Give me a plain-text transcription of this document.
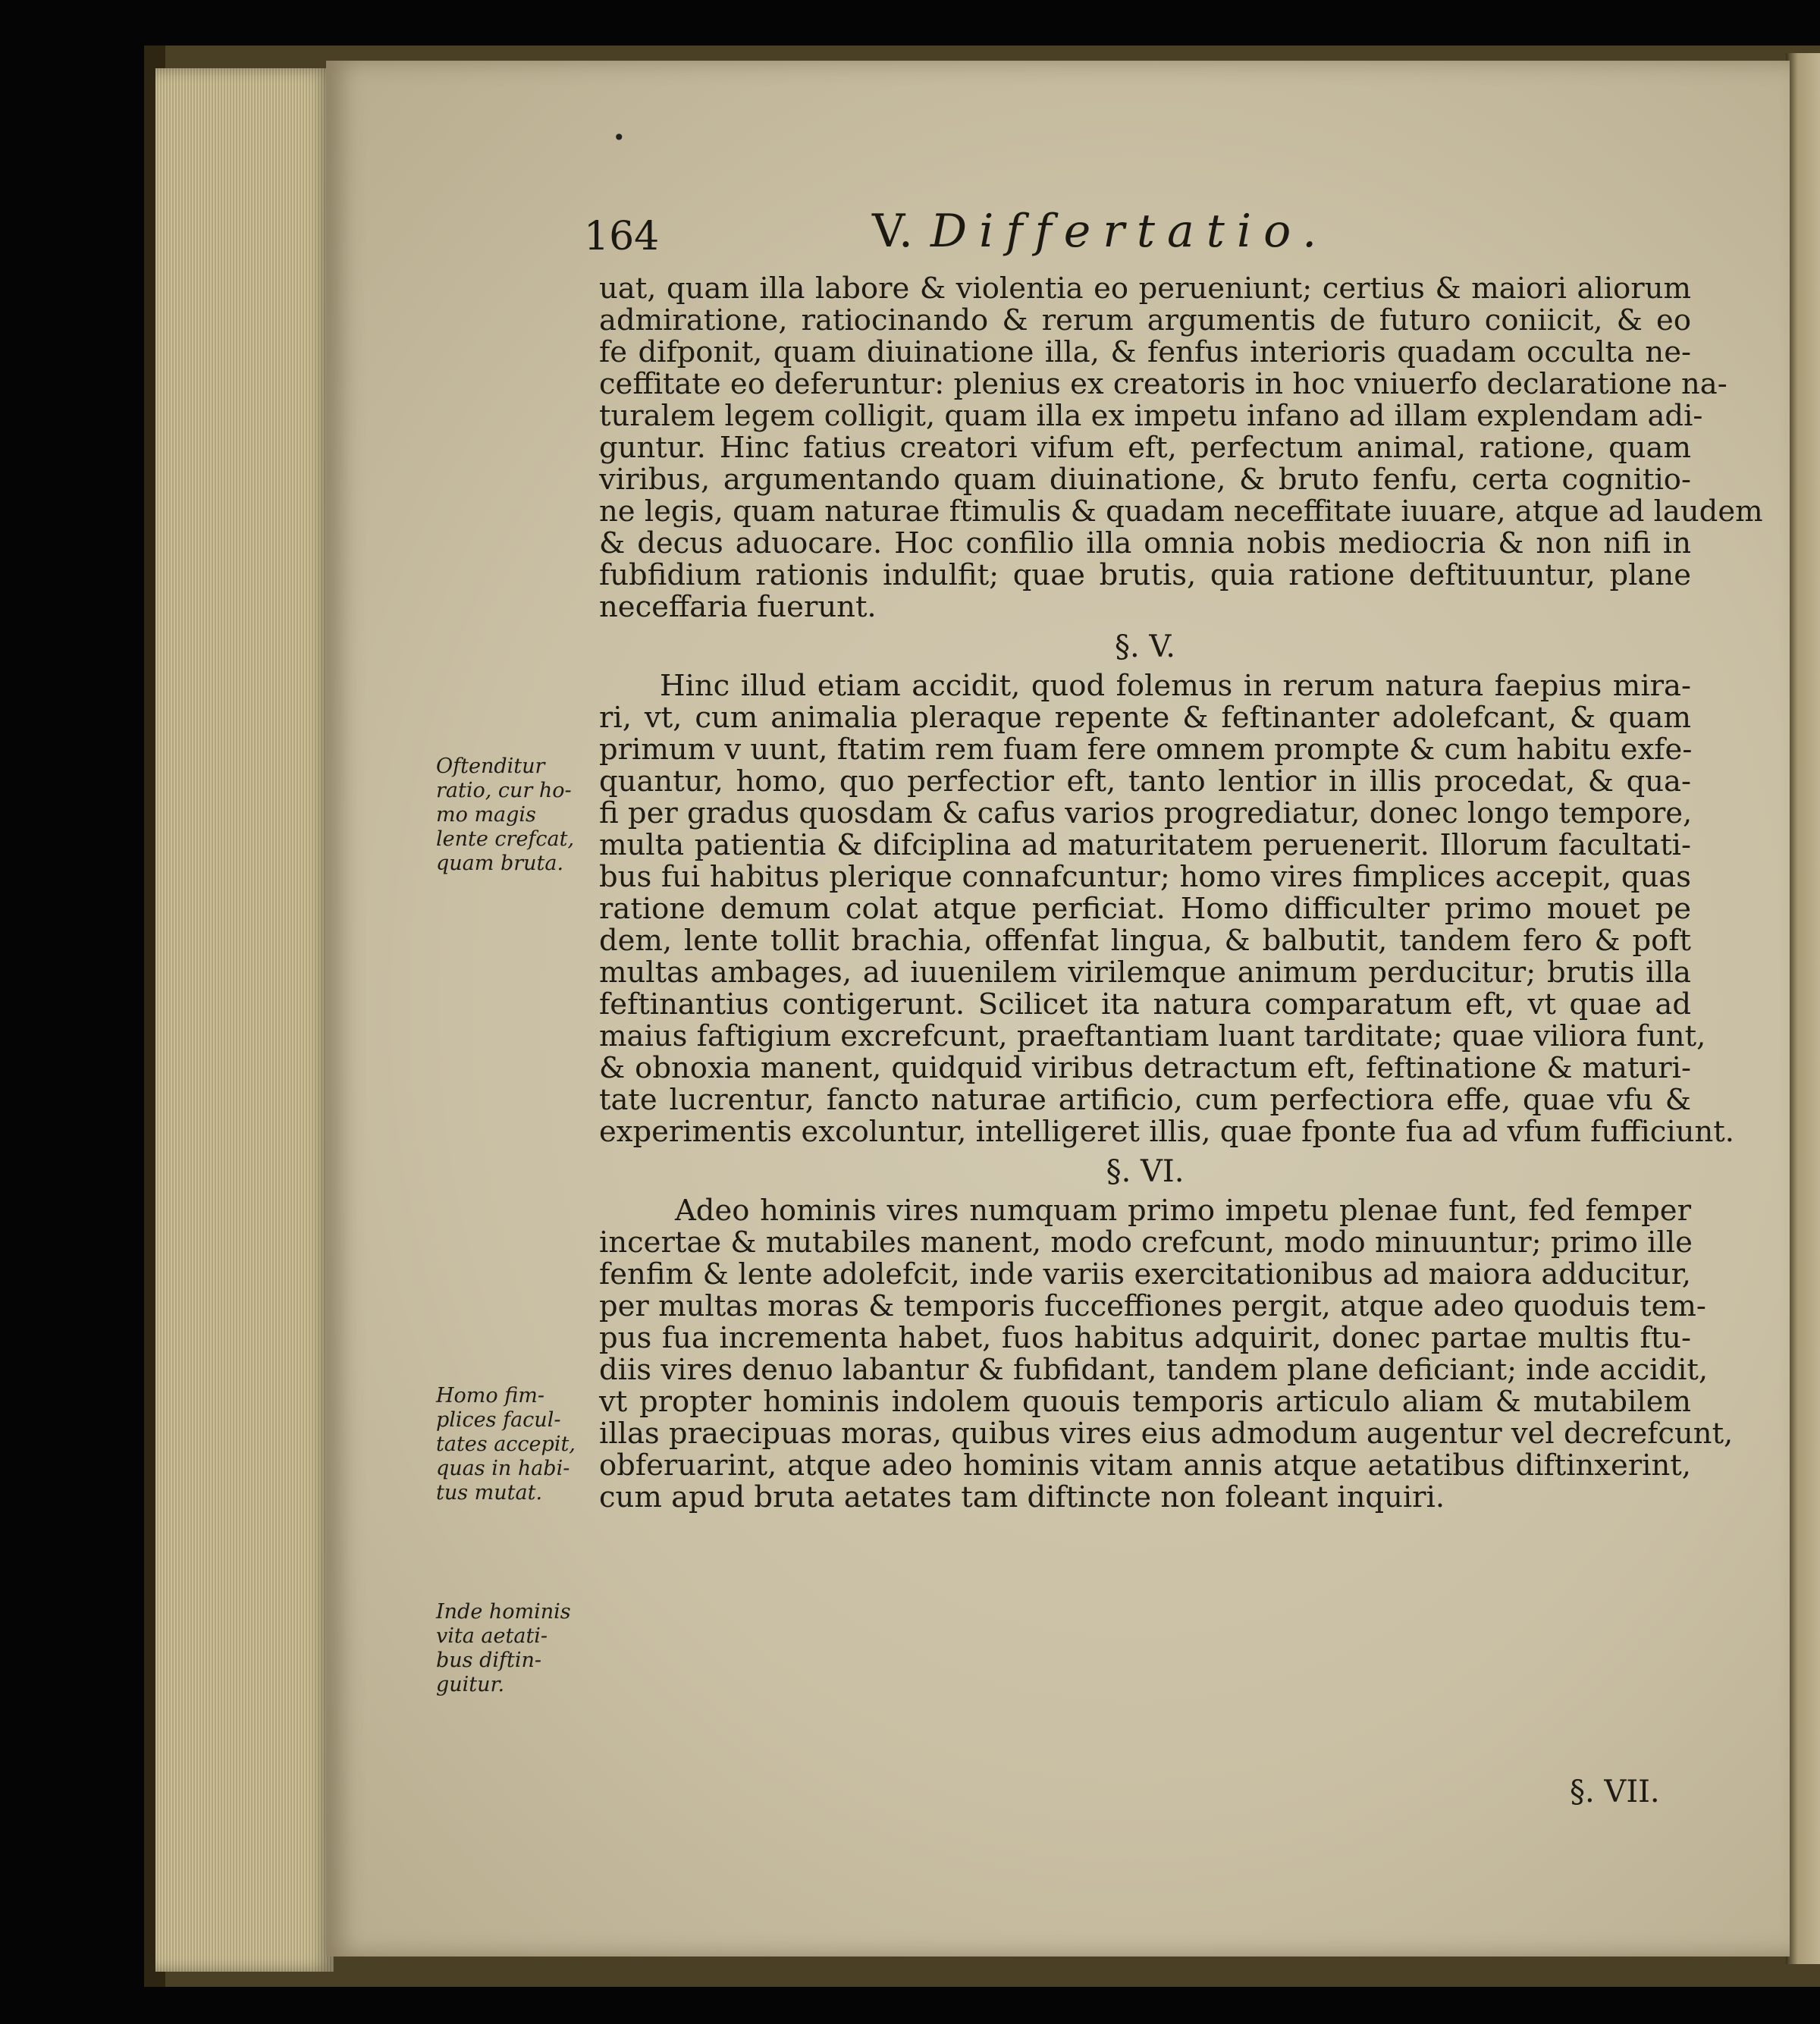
•
164	V. Differtatio.
uat, quam illa labore & violentia eo perueniunt; certius & maiori aliorum
admiratione, ratiocinando & rerum argumentis de futuro coniicit, & eo
fe difponit, quam diuinatione illa, & fenfus interioris quadam occulta ne-
ceffitate eo deferuntur: plenius ex creatoris in hoc vniuerfo declaratione na-
turalem legem colligit, quam illa ex impetu infano ad illam explendam adi-
guntur. Hinc fatius creatori vifum eft, perfectum animal, ratione, quam
viribus, argumentando quam diuinatione, & bruto fenfu, certa cognitio-
ne legis, quam naturae ftimulis & quadam neceffitate iuuare, atque ad laudem
& decus aduocare. Hoc confilio illa omnia nobis mediocria & non nifi in
fubfidium rationis indulfit; quae brutis, quia ratione deftituuntur, plane
neceffaria fuerunt.
§. V.
Hinc illud etiam accidit, quod folemus in rerum natura faepius mira-
ri, vt, cum animalia pleraque repente & feftinanter adolefcant, & quam
primum v uunt, ftatim rem fuam fere omnem prompte & cum habitu exfe-
quantur, homo, quo perfectior eft, tanto lentior in illis procedat, & qua-
fi per gradus quosdam & cafus varios progrediatur, donec longo tempore,
multa patientia & difciplina ad maturitatem peruenerit. Illorum facultati-
bus fui habitus plerique connafcuntur; homo vires fimplices accepit, quas
ratione demum colat atque perficiat. Homo difficulter primo mouet pe
dem, lente tollit brachia, offenfat lingua, & balbutit, tandem fero & poft
multas ambages, ad iuuenilem virilemque animum perducitur; brutis illa
feftinantius contigerunt. Scilicet ita natura comparatum eft, vt quae ad
maius faftigium excrefcunt, praeftantiam luant tarditate; quae viliora funt,
& obnoxia manent, quidquid viribus detractum eft, feftinatione & maturi-
tate lucrentur, fancto naturae artificio, cum perfectiora effe, quae vfu &
experimentis excoluntur, intelligeret illis, quae fponte fua ad vfum fufficiunt.
§. VI.
Adeo hominis vires numquam primo impetu plenae funt, fed femper
incertae & mutabiles manent, modo crefcunt, modo minuuntur; primo ille
fenfim & lente adolefcit, inde variis exercitationibus ad maiora adducitur,
per multas moras & temporis fucceffiones pergit, atque adeo quoduis tem-
pus fua incrementa habet, fuos habitus adquirit, donec partae multis ftu-
diis vires denuo labantur & fubfidant, tandem plane deficiant; inde accidit,
vt propter hominis indolem quouis temporis articulo aliam & mutabilem
illas praecipuas moras, quibus vires eius admodum augentur vel decrefcunt,
obferuarint, atque adeo hominis vitam annis atque aetatibus diftinxerint,
cum apud bruta aetates tam diftincte non foleant inquiri.
Oftenditur
ratio, cur ho-
mo magis
lente crefcat,
quam bruta.
Homo fim-
plices facul-
tates accepit,
quas in habi-
tus mutat.
Inde hominis
vita aetati-
bus diftin-
guitur.
§. VII.
